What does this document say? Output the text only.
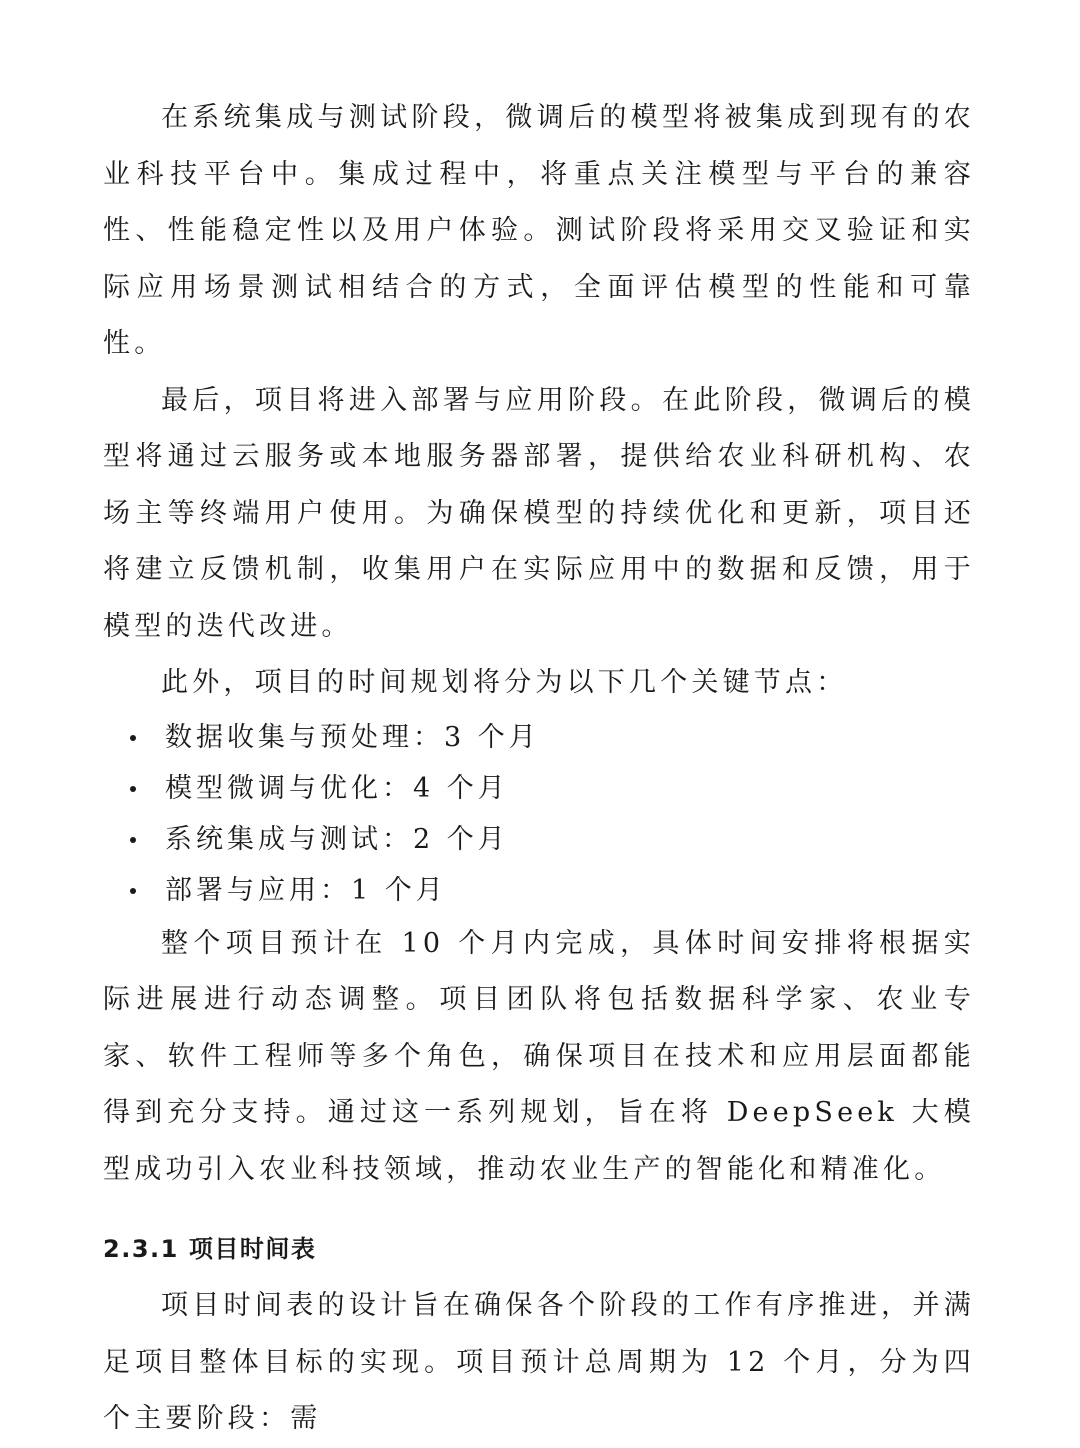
在系统集成与测试阶段，微调后的模型将被集成到现有的农业科技平台中。集成过程中，将重点关注模型与平台的兼容性、性能稳定性以及用户体验。测试阶段将采用交叉验证和实际应用场景测试相结合的方式，全面评估模型的性能和可靠性。

最后，项目将进入部署与应用阶段。在此阶段，微调后的模型将通过云服务或本地服务器部署，提供给农业科研机构、农场主等终端用户使用。为确保模型的持续优化和更新，项目还将建立反馈机制，收集用户在实际应用中的数据和反馈，用于模型的迭代改进。

此外，项目的时间规划将分为以下几个关键节点：

数据收集与预处理：3 个月
模型微调与优化：4 个月
系统集成与测试：2 个月
部署与应用：1 个月

整个项目预计在 10 个月内完成，具体时间安排将根据实际进展进行动态调整。项目团队将包括数据科学家、农业专家、软件工程师等多个角色，确保项目在技术和应用层面都能得到充分支持。通过这一系列规划，旨在将 DeepSeek 大模型成功引入农业科技领域，推动农业生产的智能化和精准化。

2.3.1 项目时间表

项目时间表的设计旨在确保各个阶段的工作有序推进，并满足项目整体目标的实现。项目预计总周期为 12 个月，分为四个主要阶段：需
